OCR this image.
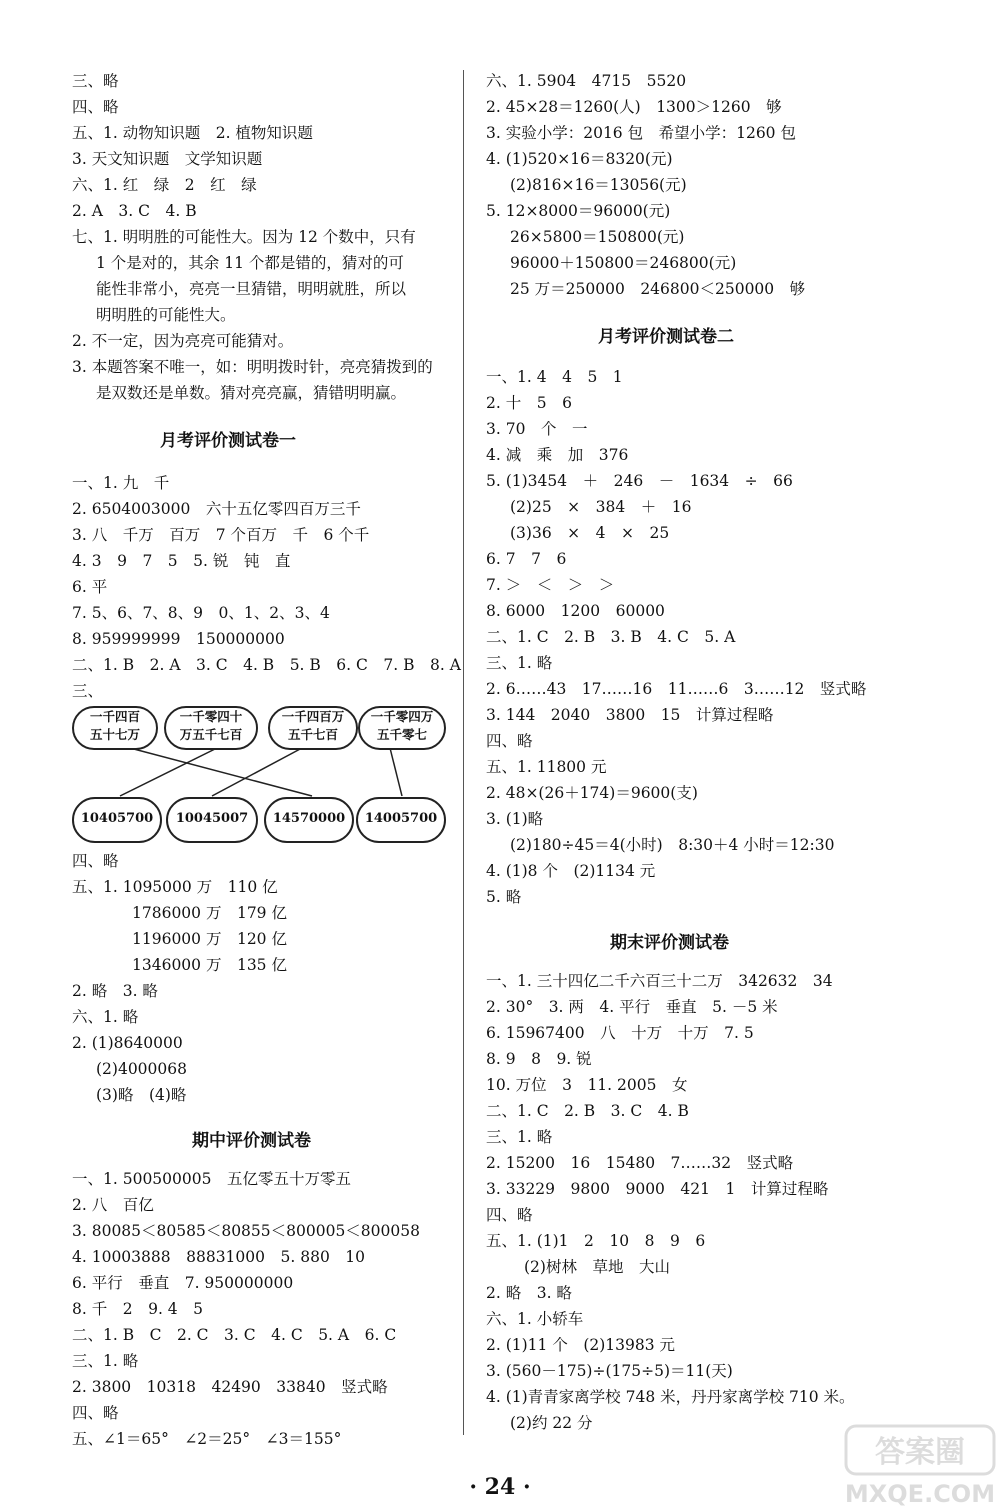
三、略
四、略
五、1. 动物知识题　2. 植物知识题
3. 天文知识题　文学知识题
六、1. 红　绿　2　红　绿
2. A　3. C　4. B
七、1. 明明胜的可能性大。因为 12 个数中，只有
1 个是对的，其余 11 个都是错的，猜对的可
能性非常小，亮亮一旦猜错，明明就胜，所以
明明胜的可能性大。
2. 不一定，因为亮亮可能猜对。
3. 本题答案不唯一，如：明明拨时针，亮亮猜拨到的
是双数还是单数。猜对亮亮赢，猜错明明赢。
月考评价测试卷一
一、1. 九　千
2. 6504003000　六十五亿零四百万三千
3. 八　千万　百万　7 个百万　千　6 个千
4. 3　9　7　5　5. 锐　钝　直
6. 平
7. 5、6、7、8、9　0、1、2、3、4
8. 959999999　150000000
二、1. B　2. A　3. C　4. B　5. B　6. C　7. B　8. A
三、
一千四百
五十七万
一千零四十
万五千七百
一千四百万
五千七百
一千零四万
五千零七
10405700	10045007	14570000	14005700
四、略
五、1. 1095000 万　110 亿
1786000 万　179 亿
1196000 万　120 亿
1346000 万　135 亿
2. 略　3. 略
六、1. 略
2. (1)8640000
(2)4000068
(3)略　(4)略
期中评价测试卷
一、1. 500500005　五亿零五十万零五
2. 八　百亿
3. 80085＜80585＜80855＜800005＜800058
4. 10003888　88831000　5. 880　10
6. 平行　垂直　7. 950000000
8. 千　2　9. 4　5
二、1. B　C　2. C　3. C　4. C　5. A　6. C
三、1. 略
2. 3800　10318　42490　33840　竖式略
四、略
五、∠1＝65°　∠2＝25°　∠3＝155°
六、1. 5904　4715　5520
2. 45×28＝1260(人)　1300＞1260　够
3. 实验小学：2016 包　希望小学：1260 包
4. (1)520×16＝8320(元)
(2)816×16＝13056(元)
5. 12×8000＝96000(元)
26×5800＝150800(元)
96000＋150800＝246800(元)
25 万＝250000　246800＜250000　够
月考评价测试卷二
一、1. 4　4　5　1
2. 十　5　6
3. 70　个　一
4. 减　乘　加　376
5. (1)3454　＋　246　－　1634　÷　66
(2)25　×　384　＋　16
(3)36　×　4　×　25
6. 7　7　6
7. ＞　＜　＞　＞
8. 6000　1200　60000
二、1. C　2. B　3. B　4. C　5. A
三、1. 略
2. 6……43　17……16　11……6　3……12　竖式略
3. 144　2040　3800　15　计算过程略
四、略
五、1. 11800 元
2. 48×(26＋174)＝9600(支)
3. (1)略
(2)180÷45＝4(小时)　8:30＋4 小时＝12:30
4. (1)8 个　(2)1134 元
5. 略
期末评价测试卷
一、1. 三十四亿二千六百三十二万　342632　34
2. 30°　3. 两　4. 平行　垂直　5. －5 米
6. 15967400　八　十万　十万　7. 5
8. 9　8　9. 锐
10. 万位　3　11. 2005　女
二、1. C　2. B　3. C　4. B
三、1. 略
2. 15200　16　15480　7……32　竖式略
3. 33229　9800　9000　421　1　计算过程略
四、略
五、1. (1)1　2　10　8　9　6
(2)树林　草地　大山
2. 略　3. 略
六、1. 小轿车
2. (1)11 个　(2)13983 元
3. (560－175)÷(175÷5)＝11(天)
4. (1)青青家离学校 748 米，丹丹家离学校 710 米。
(2)约 22 分
· 24 ·
答案圈
MXQE.COM
